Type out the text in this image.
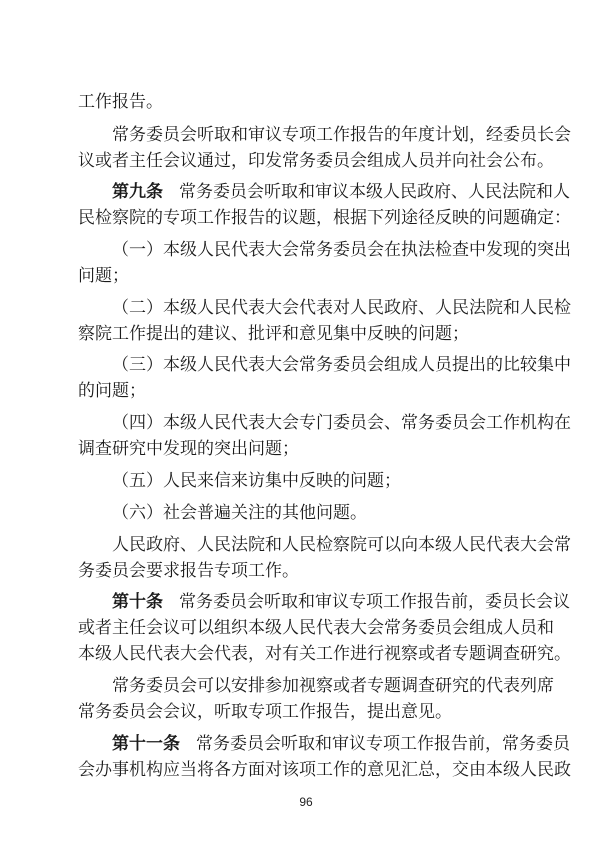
工作报告。
常务委员会听取和审议专项工作报告的年度计划，经委员长会
议或者主任会议通过，印发常务委员会组成人员并向社会公布。
第九条 常务委员会听取和审议本级人民政府、人民法院和人
民检察院的专项工作报告的议题，根据下列途径反映的问题确定：
（一）本级人民代表大会常务委员会在执法检查中发现的突出
问题；
（二）本级人民代表大会代表对人民政府、人民法院和人民检
察院工作提出的建议、批评和意见集中反映的问题；
（三）本级人民代表大会常务委员会组成人员提出的比较集中
的问题；
（四）本级人民代表大会专门委员会、常务委员会工作机构在
调查研究中发现的突出问题；
（五）人民来信来访集中反映的问题；
（六）社会普遍关注的其他问题。
人民政府、人民法院和人民检察院可以向本级人民代表大会常
务委员会要求报告专项工作。
第十条 常务委员会听取和审议专项工作报告前，委员长会议
或者主任会议可以组织本级人民代表大会常务委员会组成人员和
本级人民代表大会代表，对有关工作进行视察或者专题调查研究。
常务委员会可以安排参加视察或者专题调查研究的代表列席
常务委员会会议，听取专项工作报告，提出意见。
第十一条 常务委员会听取和审议专项工作报告前，常务委员
会办事机构应当将各方面对该项工作的意见汇总，交由本级人民政
96
